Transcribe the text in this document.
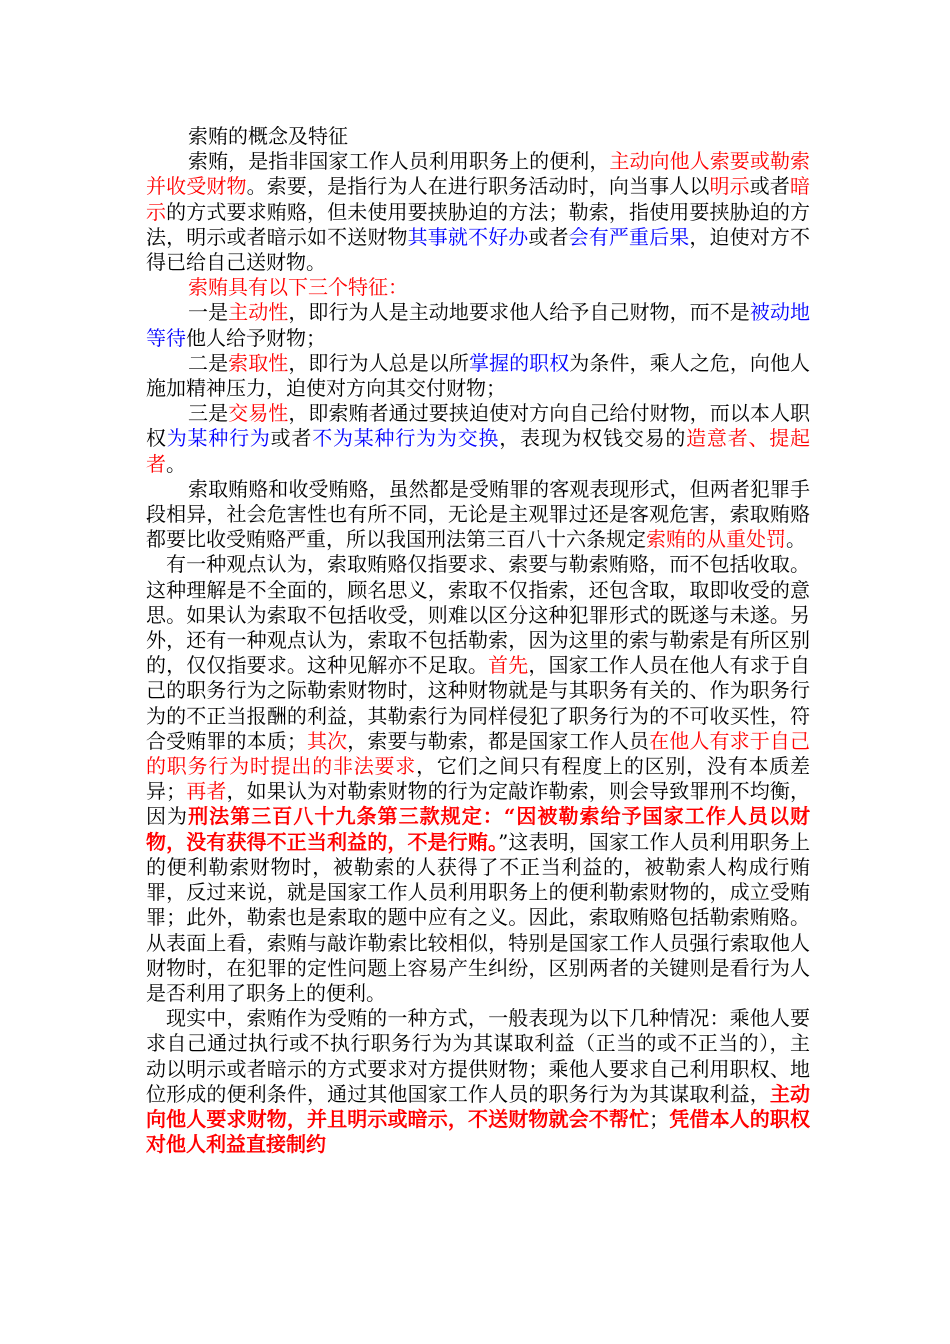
索贿的概念及特征

索贿，是指非国家工作人员利用职务上的便利，主动向他人索要或勒索并收受财物。索要，是指行为人在进行职务活动时，向当事人以明示或者暗示的方式要求贿赂，但未使用要挟胁迫的方法；勒索，指使用要挟胁迫的方法，明示或者暗示如不送财物其事就不好办或者会有严重后果，迫使对方不得已给自己送财物。

索贿具有以下三个特征：

一是主动性，即行为人是主动地要求他人给予自己财物，而不是被动地等待他人给予财物；

二是索取性，即行为人总是以所掌握的职权为条件，乘人之危，向他人施加精神压力，迫使对方向其交付财物；

三是交易性，即索贿者通过要挟迫使对方向自己给付财物，而以本人职权为某种行为或者不为某种行为为交换，表现为权钱交易的造意者、提起者。

索取贿赂和收受贿赂，虽然都是受贿罪的客观表现形式，但两者犯罪手段相异，社会危害性也有所不同，无论是主观罪过还是客观危害，索取贿赂都要比收受贿赂严重，所以我国刑法第三百八十六条规定索贿的从重处罚。

有一种观点认为，索取贿赂仅指要求、索要与勒索贿赂，而不包括收取。这种理解是不全面的，顾名思义，索取不仅指索，还包含取，取即收受的意思。如果认为索取不包括收受，则难以区分这种犯罪形式的既遂与未遂。另外，还有一种观点认为，索取不包括勒索，因为这里的索与勒索是有所区别的，仅仅指要求。这种见解亦不足取。首先，国家工作人员在他人有求于自己的职务行为之际勒索财物时，这种财物就是与其职务有关的、作为职务行为的不正当报酬的利益，其勒索行为同样侵犯了职务行为的不可收买性，符合受贿罪的本质；其次，索要与勒索，都是国家工作人员在他人有求于自己的职务行为时提出的非法要求，它们之间只有程度上的区别，没有本质差异；再者，如果认为对勒索财物的行为定敲诈勒索，则会导致罪刑不均衡，因为刑法第三百八十九条第三款规定：“因被勒索给予国家工作人员以财物，没有获得不正当利益的，不是行贿。”这表明，国家工作人员利用职务上的便利勒索财物时，被勒索的人获得了不正当利益的，被勒索人构成行贿罪，反过来说，就是国家工作人员利用职务上的便利勒索财物的，成立受贿罪；此外，勒索也是索取的题中应有之义。因此，索取贿赂包括勒索贿赂。从表面上看，索贿与敲诈勒索比较相似，特别是国家工作人员强行索取他人财物时，在犯罪的定性问题上容易产生纠纷，区别两者的关键则是看行为人是否利用了职务上的便利。

现实中，索贿作为受贿的一种方式，一般表现为以下几种情况：乘他人要求自己通过执行或不执行职务行为为其谋取利益（正当的或不正当的），主动以明示或者暗示的方式要求对方提供财物；乘他人要求自己利用职权、地位形成的便利条件，通过其他国家工作人员的职务行为为其谋取利益，主动向他人要求财物，并且明示或暗示，不送财物就会不帮忙；凭借本人的职权对他人利益直接制约
